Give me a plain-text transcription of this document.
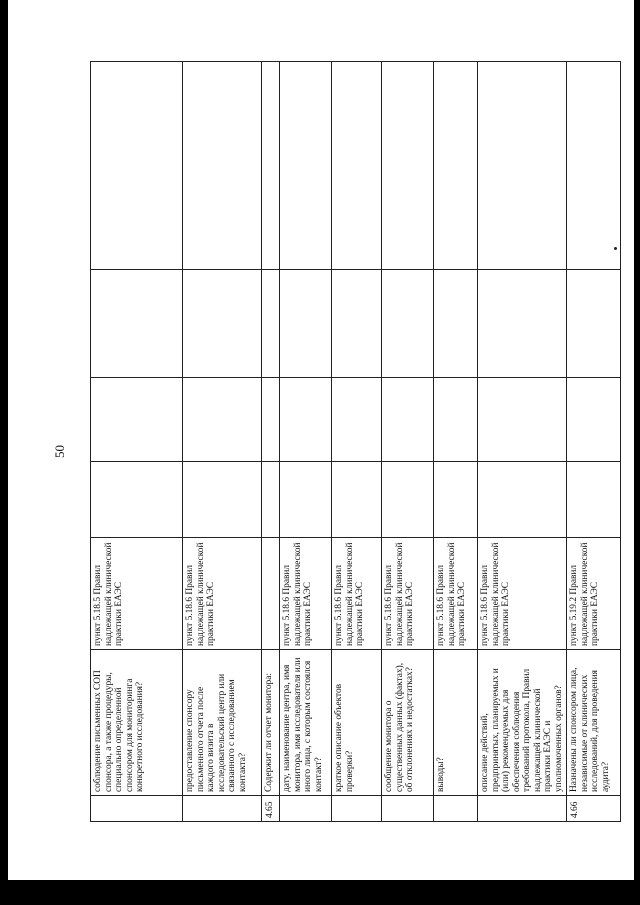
50
	соблюдение письменных СОП спонсора, а также процедуры, специально определенной спонсором для мониторинга конкретного исследования?	пункт 5.18.5 Правил надлежащей клинической практики ЕАЭС				
	предоставление спонсору письменного отчета после каждого визита в исследовательский центр или связанного с исследованием контакта?	пункт 5.18.6 Правил надлежащей клинической практики ЕАЭС				
4.65	Содержит ли отчет монитора:					
	дату, наименование центра, имя монитора, имя исследователя или иного лица, с которым состоялся контакт?	пункт 5.18.6 Правил надлежащей клинической практики ЕАЭС				
	краткое описание объектов проверки?	пункт 5.18.6 Правил надлежащей клинической практики ЕАЭС				
	сообщение монитора о существенных данных (фактах), об отклонениях и недостатках?	пункт 5.18.6 Правил надлежащей клинической практики ЕАЭС				
	выводы?	пункт 5.18.6 Правил надлежащей клинической практики ЕАЭС				
	описание действий, предпринятых, планируемых и (или) рекомендуемых для обеспечения соблюдения требований протокола, Правил надлежащей клинической практики ЕАЭС и уполномоченных органов?	пункт 5.18.6 Правил надлежащей клинической практики ЕАЭС				
4.66	Назначены ли спонсором лица, независимые от клинических исследований, для проведения аудита?	пункт 5.19.2 Правил надлежащей клинической практики ЕАЭС				
